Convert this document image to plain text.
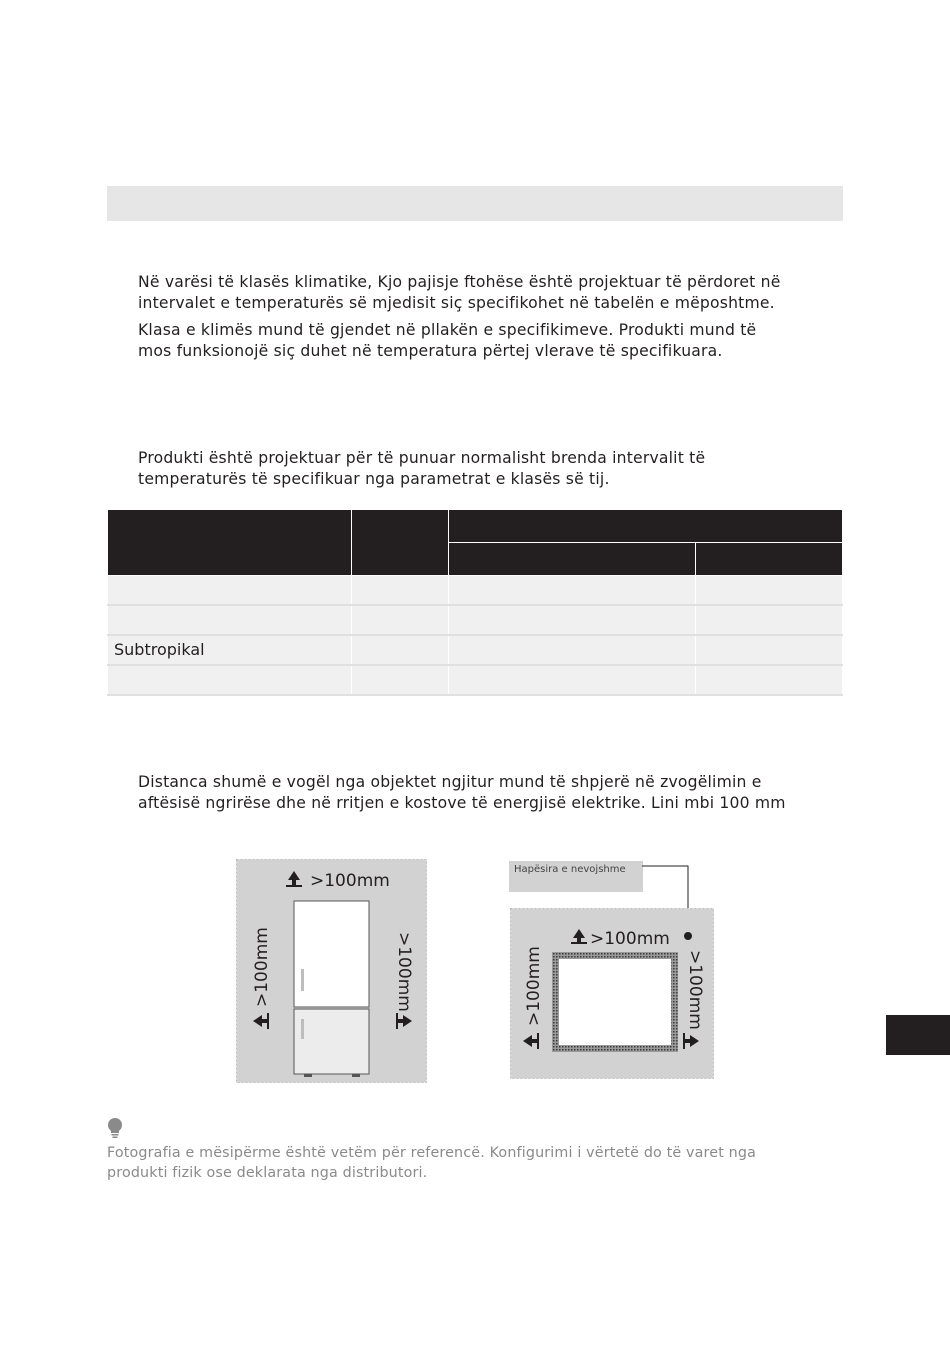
Në varësi të klasës klimatike, Kjo pajisje ftohëse është projektuar të përdoret në
intervalet e temperaturës së mjedisit siç specifikohet në tabelën e mëposhtme.

Klasa e klimës mund të gjendet në pllakën e specifikimeve. Produkti mund të
mos funksionojë siç duhet në temperatura përtej vlerave të specifikuara.

Produkti është projektuar për të punuar normalisht brenda intervalit të
temperaturës të specifikuar nga parametrat e klasës së tij.

Subtropikal			

Distanca shumë e vogël nga objektet ngjitur mund të shpjerë në zvogëlimin e
aftësisë ngrirëse dhe në rritjen e kostove të energjisë elektrike. Lini mbi 100 mm

>100mm
>100mm	>100mm
Hapësira e nevojshme
>100mm
>100mm	>100mm

Fotografia e mësipërme është vetëm për referencë. Konfigurimi i vërtetë do të varet nga
produkti fizik ose deklarata nga distributori.
